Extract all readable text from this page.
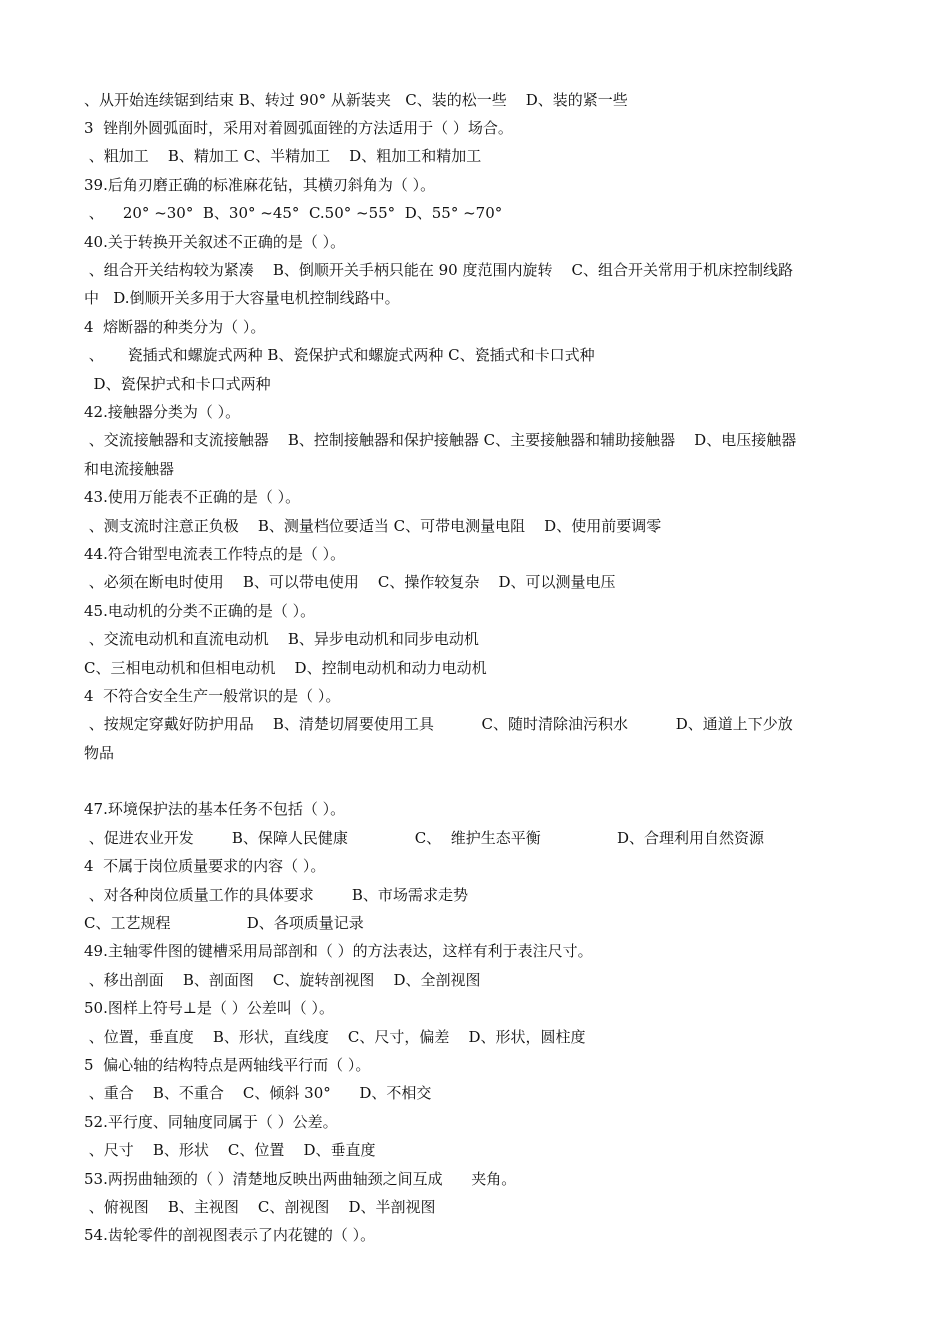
、从开始连续锯到结束 B、转过 90° 从新装夹   C、装的松一些    D、装的紧一些
3  锉削外圆弧面时，采用对着圆弧面锉的方法适用于（ ）场合。
、粗加工    B、精加工 C、半精加工    D、粗加工和精加工
39.后角刃磨正确的标准麻花钻，其横刃斜角为（ ）。
、    20° ~30°  B、30° ~45°  C.50° ~55°  D、55° ~70°
40.关于转换开关叙述不正确的是（ ）。
、组合开关结构较为紧凑    B、倒顺开关手柄只能在 90 度范围内旋转    C、组合开关常用于机床控制线路
中   D.倒顺开关多用于大容量电机控制线路中。
4  熔断器的种类分为（ ）。
、     瓷插式和螺旋式两种 B、瓷保护式和螺旋式两种 C、瓷插式和卡口式种
D、瓷保护式和卡口式两种
42.接触器分类为（ ）。
、交流接触器和支流接触器    B、控制接触器和保护接触器 C、主要接触器和辅助接触器    D、电压接触器
和电流接触器
43.使用万能表不正确的是（ ）。
、测支流时注意正负极    B、测量档位要适当 C、可带电测量电阻    D、使用前要调零
44.符合钳型电流表工作特点的是（ ）。
、必须在断电时使用    B、可以带电使用    C、操作较复杂    D、可以测量电压
45.电动机的分类不正确的是（ ）。
、交流电动机和直流电动机    B、异步电动机和同步电动机
C、三相电动机和但相电动机    D、控制电动机和动力电动机
4  不符合安全生产一般常识的是（ ）。
、按规定穿戴好防护用品    B、清楚切屑要使用工具          C、随时清除油污积水          D、通道上下少放
物品
47.环境保护法的基本任务不包括（ ）。
、促进农业开发        B、保障人民健康              C、  维护生态平衡                D、合理利用自然资源
4  不属于岗位质量要求的内容（ ）。
、对各种岗位质量工作的具体要求        B、市场需求走势
C、工艺规程                D、各项质量记录
49.主轴零件图的键槽采用局部剖和（ ）的方法表达，这样有利于表注尺寸。
、移出剖面    B、剖面图    C、旋转剖视图    D、全剖视图
50.图样上符号⊥是（ ）公差叫（ ）。
、位置，垂直度    B、形状，直线度    C、尺寸，偏差    D、形状，圆柱度
5  偏心轴的结构特点是两轴线平行而（ ）。
、重合    B、不重合    C、倾斜 30°      D、不相交
52.平行度、同轴度同属于（ ）公差。
、尺寸    B、形状    C、位置    D、垂直度
53.两拐曲轴颈的（ ）清楚地反映出两曲轴颈之间互成      夹角。
、俯视图    B、主视图    C、剖视图    D、半剖视图
54.齿轮零件的剖视图表示了内花键的（ ）。
